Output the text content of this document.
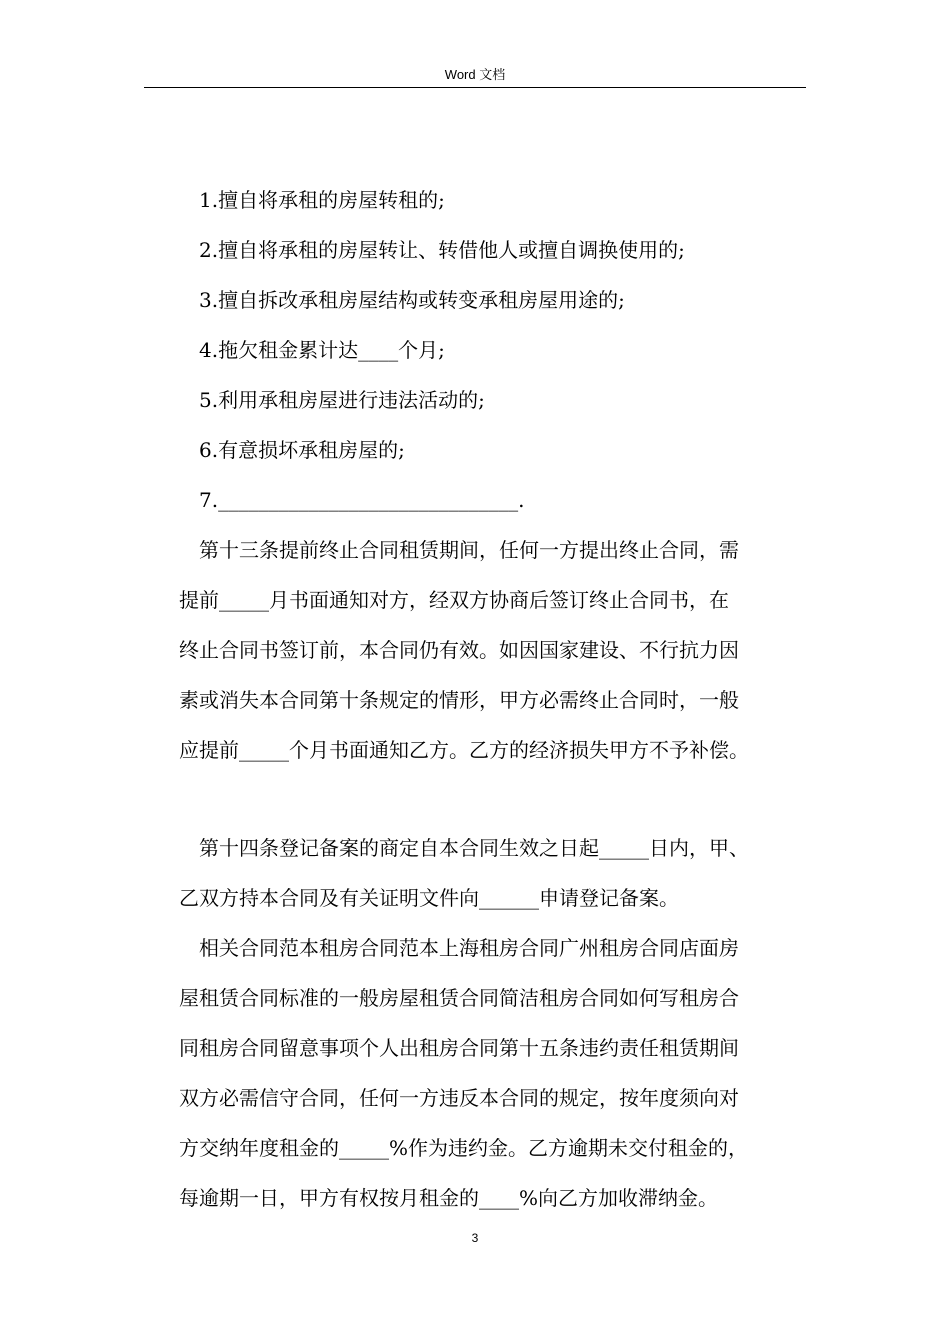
Word 文档
1.擅自将承租的房屋转租的;
2.擅自将承租的房屋转让、转借他人或擅自调换使用的;
3.擅自拆改承租房屋结构或转变承租房屋用途的;
4.拖欠租金累计达____个月;
5.利用承租房屋进行违法活动的;
6.有意损坏承租房屋的;
7.______________________________.
第十三条提前终止合同租赁期间，任何一方提出终止合同，需
提前_____月书面通知对方，经双方协商后签订终止合同书，在
终止合同书签订前，本合同仍有效。如因国家建设、不行抗力因
素或消失本合同第十条规定的情形，甲方必需终止合同时，一般
应提前_____个月书面通知乙方。乙方的经济损失甲方不予补偿。
第十四条登记备案的商定自本合同生效之日起_____日内，甲、
乙双方持本合同及有关证明文件向______申请登记备案。
相关合同范本租房合同范本上海租房合同广州租房合同店面房
屋租赁合同标准的一般房屋租赁合同简洁租房合同如何写租房合
同租房合同留意事项个人出租房合同第十五条违约责任租赁期间
双方必需信守合同，任何一方违反本合同的规定，按年度须向对
方交纳年度租金的_____%作为违约金。乙方逾期未交付租金的，
每逾期一日，甲方有权按月租金的____%向乙方加收滞纳金。
3
